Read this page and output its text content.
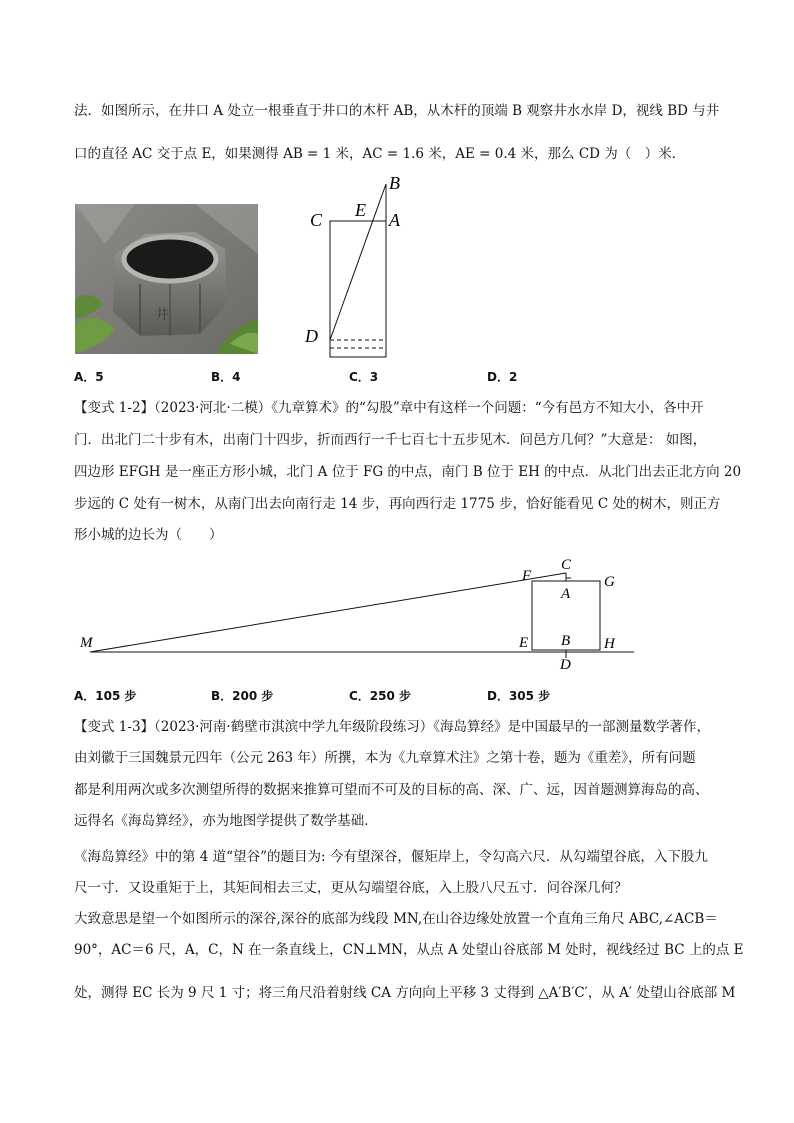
法．如图所示，在井口 A 处立一根垂直于井口的木杆 AB，从木杆的顶端 B 观察井水水岸 D，视线 BD 与井
口的直径 AC 交于点 E，如果测得 AB = 1 米，AC = 1.6 米，AE = 0.4 米，那么 CD 为（　）米．
井
B
C E A
D
A．5	B．4	C．3	D．2
【变式 1-2】（2023·河北·二模）《九章算术》的“勾股”章中有这样一个问题：“今有邑方不知大小，各中开
门．出北门二十步有木，出南门十四步，折而西行一千七百七十五步见木．问邑方几何？”大意是： 如图，
四边形 EFGH 是一座正方形小城，北门 A 位于 FG 的中点，南门 B 位于 EH 的中点．从北门出去正北方向 20
步远的 C 处有一树木，从南门出去向南行走 14 步，再向西行走 1775 步，恰好能看见 C 处的树木，则正方
形小城的边长为（　　）
F
C
G
A
M	E B H
D
A．105 步	B．200 步	C．250 步	D．305 步
【变式 1-3】（2023·河南·鹤壁市淇滨中学九年级阶段练习）《海岛算经》是中国最早的一部测量数学著作，
由刘徽于三国魏景元四年（公元 263 年）所撰，本为《九章算术注》之第十卷，题为《重差》，所有问题
都是利用两次或多次测望所得的数据来推算可望而不可及的目标的高、深、广、远，因首题测算海岛的高、
远得名《海岛算经》，亦为地图学提供了数学基础．
《海岛算经》中的第 4 道“望谷”的题目为: 今有望深谷，偃矩岸上，令勾高六尺．从勾端望谷底，入下股九
尺一寸．又设重矩于上，其矩间相去三丈，更从勾端望谷底，入上股八尺五寸．问谷深几何？
大致意思是望一个如图所示的深谷,深谷的底部为线段 MN,在山谷边缘处放置一个直角三角尺 ABC,∠ACB＝
90°，AC＝6 尺，A，C，N 在一条直线上，CN⊥MN，从点 A 处望山谷底部 M 处时，视线经过 BC 上的点 E
处，测得 EC 长为 9 尺 1 寸；将三角尺沿着射线 CA 方向向上平移 3 丈得到 △A′B′C′，从 A′ 处望山谷底部 M
